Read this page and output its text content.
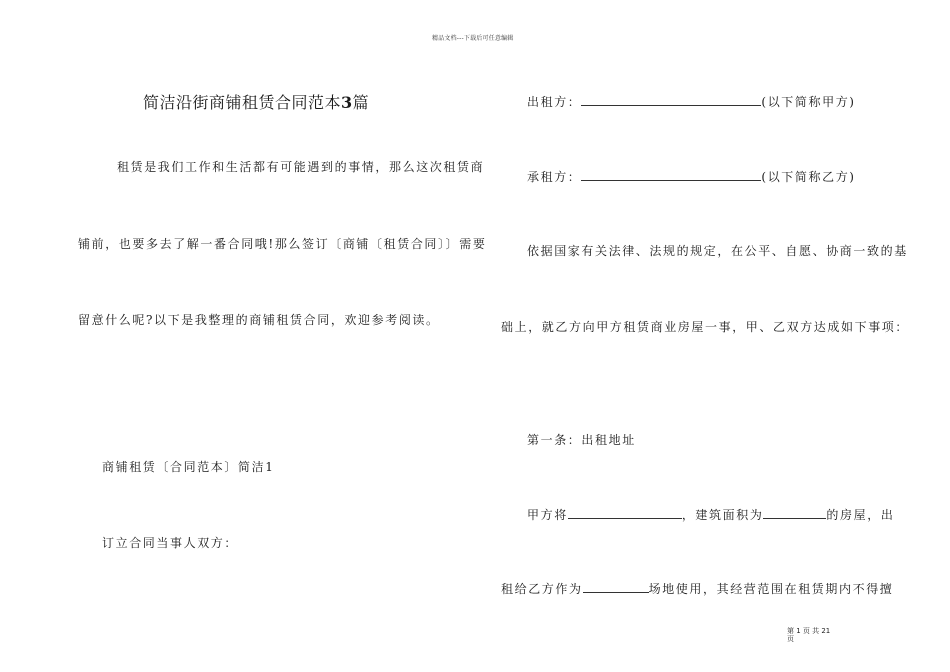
精品文档---下载后可任意编辑
简洁沿街商铺租赁合同范本3篇
租赁是我们工作和生活都有可能遇到的事情，那么这次租赁商
铺前，也要多去了解一番合同哦!那么签订〔商铺〔租赁合同〕〕需要
留意什么呢?以下是我整理的商铺租赁合同，欢迎参考阅读。
商铺租赁〔合同范本〕简洁1
订立合同当事人双方：
出租方：	(以下简称甲方)
承租方：	(以下简称乙方)
依据国家有关法律、法规的规定，在公平、自愿、协商一致的基
础上，就乙方向甲方租赁商业房屋一事，甲、乙双方达成如下事项：
第一条：出租地址
甲方将	，建筑面积为	的房屋，出
租给乙方作为	场地使用，其经营范围在租赁期内不得擅
第 1 页 共 21
页
